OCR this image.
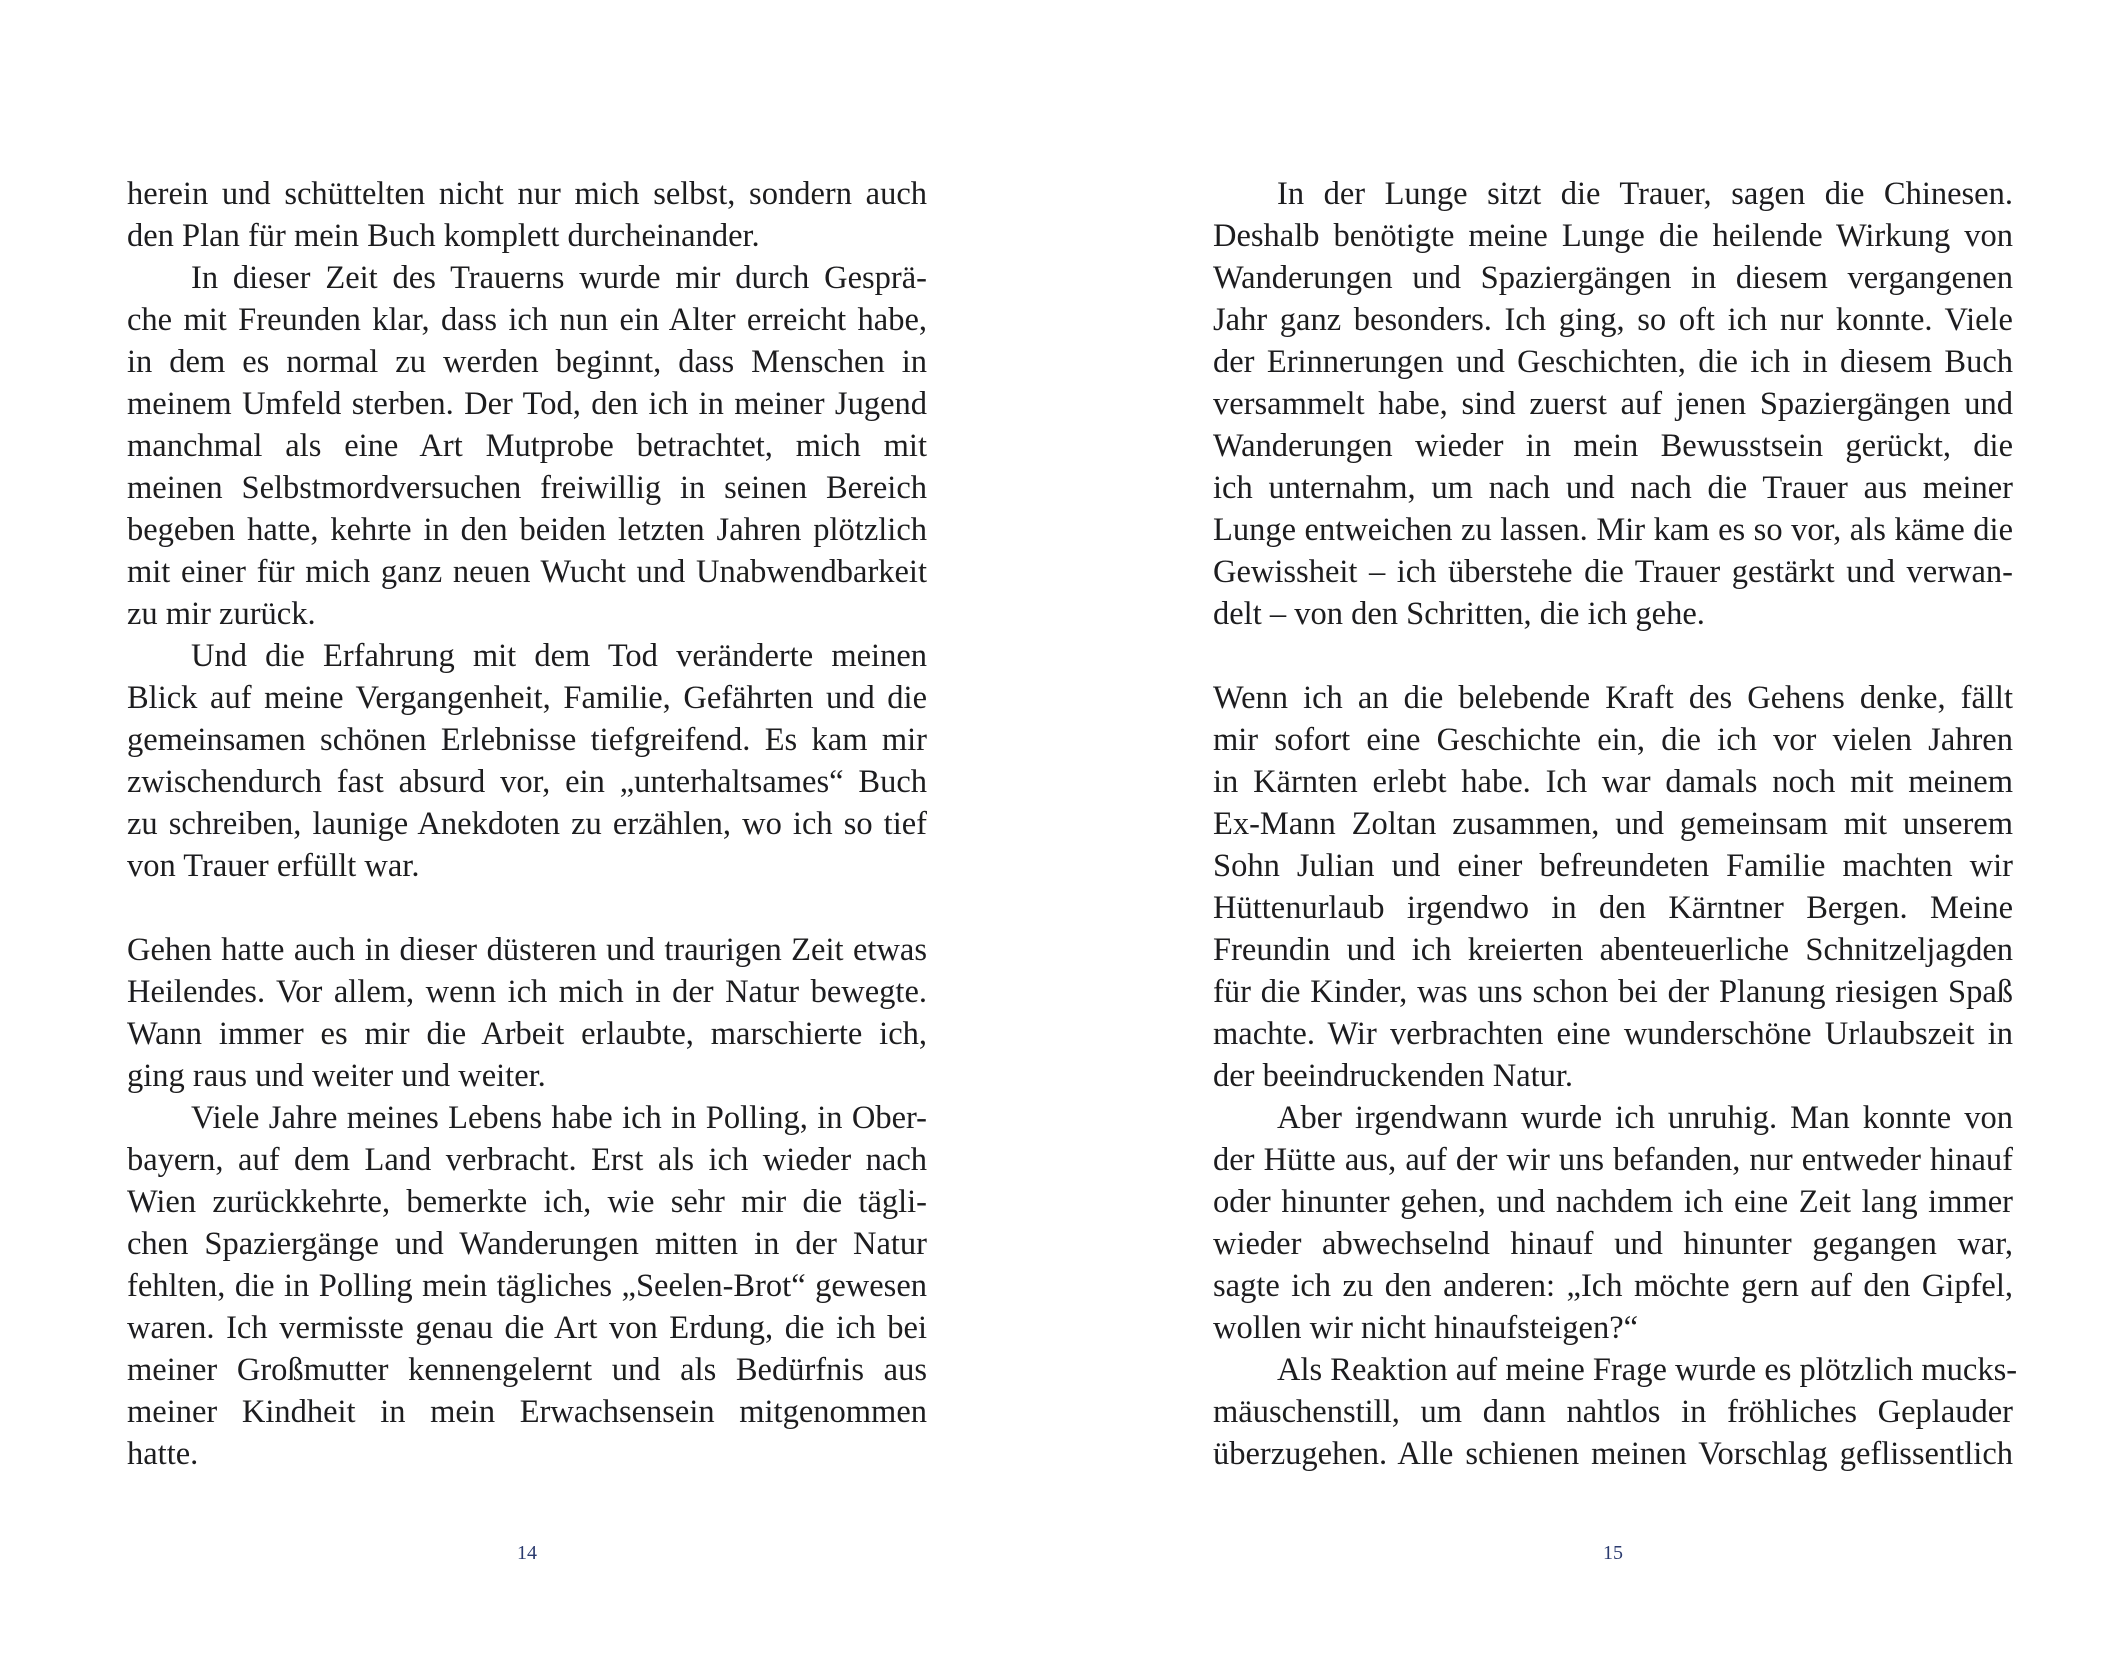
herein und schüttelten nicht nur mich selbst, sondern auch
den Plan für mein Buch komplett durcheinander.
In dieser Zeit des Trauerns wurde mir durch Gesprä-
che mit Freunden klar, dass ich nun ein Alter erreicht habe,
in dem es normal zu werden beginnt, dass Menschen in
meinem Umfeld sterben. Der Tod, den ich in meiner Jugend
manchmal als eine Art Mutprobe betrachtet, mich mit
meinen Selbstmordversuchen freiwillig in seinen Bereich
begeben hatte, kehrte in den beiden letzten Jahren plötzlich
mit einer für mich ganz neuen Wucht und Unabwendbarkeit
zu mir zurück.
Und die Erfahrung mit dem Tod veränderte meinen
Blick auf meine Vergangenheit, Familie, Gefährten und die
gemeinsamen schönen Erlebnisse tiefgreifend. Es kam mir
zwischendurch fast absurd vor, ein „unterhaltsames“ Buch
zu schreiben, launige Anekdoten zu erzählen, wo ich so tief
von Trauer erfüllt war.
Gehen hatte auch in dieser düsteren und traurigen Zeit etwas
Heilendes. Vor allem, wenn ich mich in der Natur bewegte.
Wann immer es mir die Arbeit erlaubte, marschierte ich,
ging raus und weiter und weiter.
Viele Jahre meines Lebens habe ich in Polling, in Ober-
bayern, auf dem Land verbracht. Erst als ich wieder nach
Wien zurückkehrte, bemerkte ich, wie sehr mir die tägli-
chen Spaziergänge und Wanderungen mitten in der Natur
fehlten, die in Polling mein tägliches „Seelen-Brot“ gewesen
waren. Ich vermisste genau die Art von Erdung, die ich bei
meiner Großmutter kennengelernt und als Bedürfnis aus
meiner Kindheit in mein Erwachsensein mitgenommen
hatte.
14
In der Lunge sitzt die Trauer, sagen die Chinesen.
Deshalb benötigte meine Lunge die heilende Wirkung von
Wanderungen und Spaziergängen in diesem vergangenen
Jahr ganz besonders. Ich ging, so oft ich nur konnte. Viele
der Erinnerungen und Geschichten, die ich in diesem Buch
versammelt habe, sind zuerst auf jenen Spaziergängen und
Wanderungen wieder in mein Bewusstsein gerückt, die
ich unternahm, um nach und nach die Trauer aus meiner
Lunge entweichen zu lassen. Mir kam es so vor, als käme die
Gewissheit – ich überstehe die Trauer gestärkt und verwan-
delt – von den Schritten, die ich gehe.
Wenn ich an die belebende Kraft des Gehens denke, fällt
mir sofort eine Geschichte ein, die ich vor vielen Jahren
in Kärnten erlebt habe. Ich war damals noch mit meinem
Ex-Mann Zoltan zusammen, und gemeinsam mit unserem
Sohn Julian und einer befreundeten Familie machten wir
Hüttenurlaub irgendwo in den Kärntner Bergen. Meine
Freundin und ich kreierten abenteuerliche Schnitzeljagden
für die Kinder, was uns schon bei der Planung riesigen Spaß
machte. Wir verbrachten eine wunderschöne Urlaubszeit in
der beeindruckenden Natur.
Aber irgendwann wurde ich unruhig. Man konnte von
der Hütte aus, auf der wir uns befanden, nur entweder hinauf
oder hinunter gehen, und nachdem ich eine Zeit lang immer
wieder abwechselnd hinauf und hinunter gegangen war,
sagte ich zu den anderen: „Ich möchte gern auf den Gipfel,
wollen wir nicht hinaufsteigen?“
Als Reaktion auf meine Frage wurde es plötzlich mucks-
mäuschenstill, um dann nahtlos in fröhliches Geplauder
überzugehen. Alle schienen meinen Vorschlag geflissentlich
15
